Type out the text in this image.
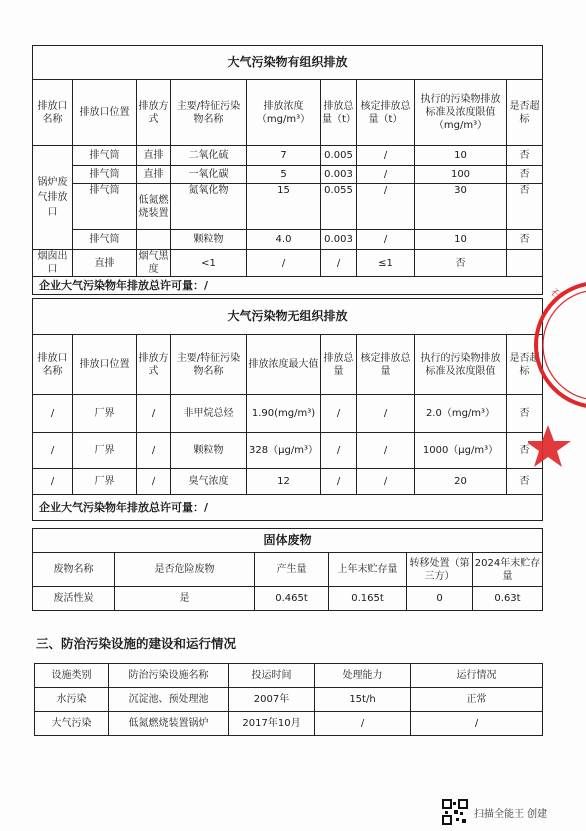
大气污染物有组织排放								
排放口名称	排放口位置	排放方式	主要/特征污染物名称	排放浓度（mg/m³）	排放总量（t）	核定排放总量（t）	执行的污染物排放标准及浓度限值（mg/m³）	是否超标
锅炉废气排放口	排气筒	直排	二氧化硫	7	0.005	/	10	否
	排气筒	直排	一氧化碳	5	0.003	/	100	否
	排气筒	低氮燃烧装置	氮氧化物	15	0.055	/	30	否
	排气筒		颗粒物	4.0	0.003	/	10	否
烟囱出口	直排	烟气黑度	<1	/	/	≤1	否	
企业大气污染物年排放总许可量：/								
大气污染物无组织排放								
排放口名称	排放口位置	排放方式	主要/特征污染物名称	排放浓度最大值	排放总量	核定排放总量	执行的污染物排放标准及浓度限值	是否超标
/	厂界	/	非甲烷总烃	1.90(mg/m³)	/	/	2.0（mg/m³）	否
/	厂界	/	颗粒物	328（μg/m³）	/	/	1000（μg/m³）	否
/	厂界	/	臭气浓度	12	/	/	20	否
企业大气污染物年排放总许可量：/								
固体废物					
废物名称	是否危险废物	产生量	上年末贮存量	转移处置（第三方）	2024年末贮存量
废活性炭	是	0.465t	0.165t	0	0.63t
三、防治污染设施的建设和运行情况
设施类别	防治污染设施名称	投运时间	处理能力	运行情况
水污染	沉淀池、预处理池	2007年	15t/h	正常
大气污染	低氮燃烧装置锅炉	2017年10月	/	/
石
扫描全能王 创建
